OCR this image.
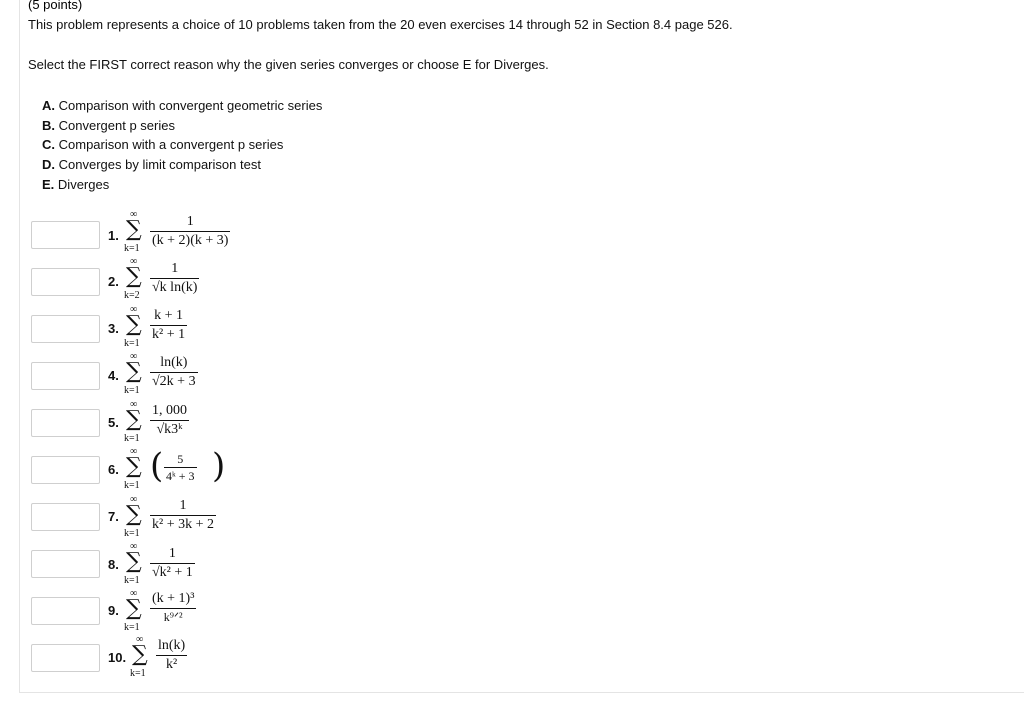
(5 points)
This problem represents a choice of 10 problems taken from the 20 even exercises 14 through 52 in Section 8.4 page 526.
Select the FIRST correct reason why the given series converges or choose E for Diverges.
A. Comparison with convergent geometric series
B. Convergent p series
C. Comparison with a convergent p series
D. Converges by limit comparison test
E. Diverges
1.
∞
∑
k=1
$\frac{1}{(k + 2)(k + 3)}$
2.
∞
∑
k=2
$\frac{1}{\text{√k ln(k)}}$
3.
∞
∑
k=1
$\frac{k + 1}{\text{k² + 1}}$
4.
∞
∑
k=1
$\frac{\ln(k)}{√2k + 3}$
5.
∞
∑
k=1
$\frac{1, 000}{\text{√k3ᵏ}}$
6.
∞
∑
k=1 ( $\frac{5}{\text{4ᵏ + 3}}$ )
7.
∞
∑
k=1
$\frac{1}{\text{k² + 3k + 2}}$
8.
∞
∑
k=1
$\frac{1}{\text{√k² + 1}}$
9.
∞
∑
k=1
(k + 1)³
k⁹ᐟ²
10.
∞
∑
k=1
$\frac{\ln(k)}{\text{k²}}$
